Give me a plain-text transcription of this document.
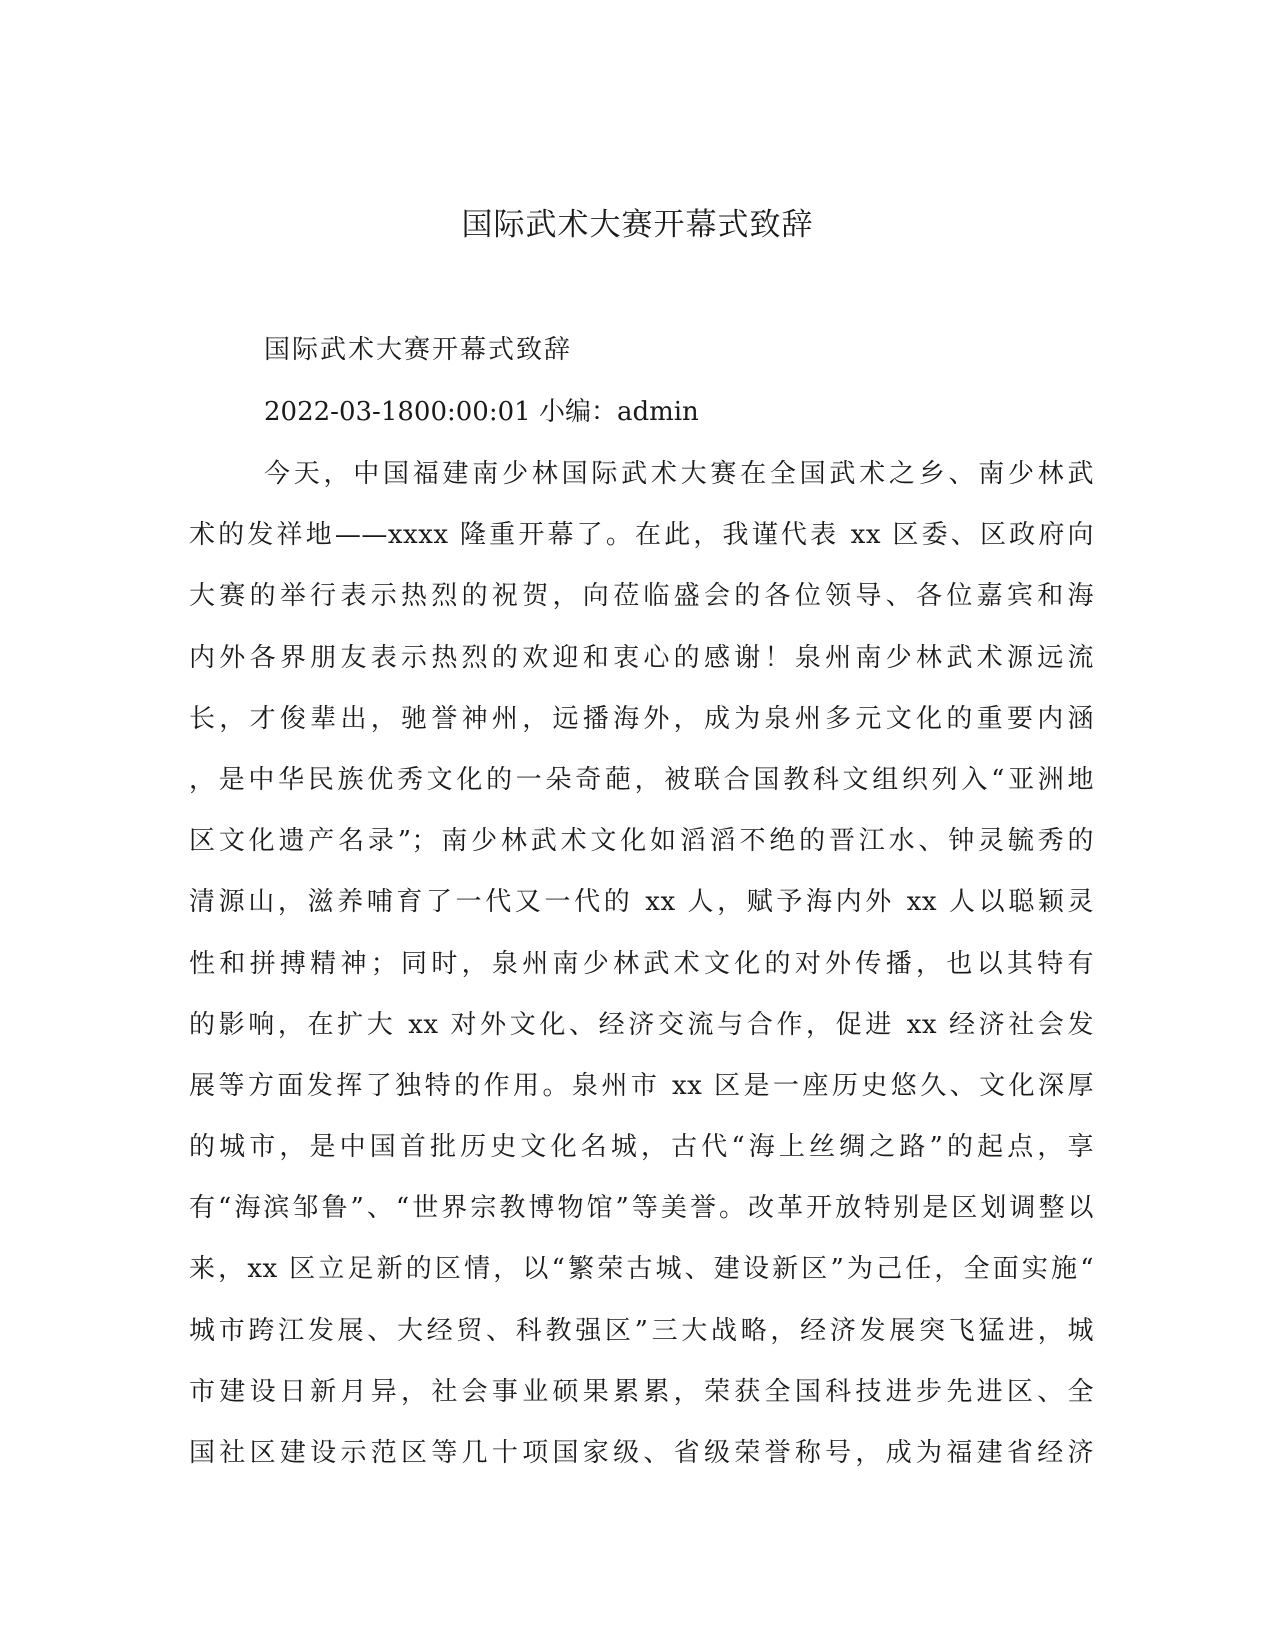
国际武术大赛开幕式致辞

国际武术大赛开幕式致辞

2022-03-1800:00:01 小编：admin

今天，中国福建南少林国际武术大赛在全国武术之乡、南少林武
术的发祥地——xxxx 隆重开幕了。在此，我谨代表 xx 区委、区政府向
大赛的举行表示热烈的祝贺，向莅临盛会的各位领导、各位嘉宾和海
内外各界朋友表示热烈的欢迎和衷心的感谢！泉州南少林武术源远流
长，才俊辈出，驰誉神州，远播海外，成为泉州多元文化的重要内涵
，是中华民族优秀文化的一朵奇葩，被联合国教科文组织列入“亚洲地
区文化遗产名录”；南少林武术文化如滔滔不绝的晋江水、钟灵毓秀的
清源山，滋养哺育了一代又一代的 xx 人，赋予海内外 xx 人以聪颖灵
性和拼搏精神；同时，泉州南少林武术文化的对外传播，也以其特有
的影响，在扩大 xx 对外文化、经济交流与合作，促进 xx 经济社会发
展等方面发挥了独特的作用。泉州市 xx 区是一座历史悠久、文化深厚
的城市，是中国首批历史文化名城，古代“海上丝绸之路”的起点，享
有“海滨邹鲁”、“世界宗教博物馆”等美誉。改革开放特别是区划调整以
来，xx 区立足新的区情，以“繁荣古城、建设新区”为己任，全面实施“
城市跨江发展、大经贸、科教强区”三大战略，经济发展突飞猛进，城
市建设日新月异，社会事业硕果累累，荣获全国科技进步先进区、全
国社区建设示范区等几十项国家级、省级荣誉称号，成为福建省经济
